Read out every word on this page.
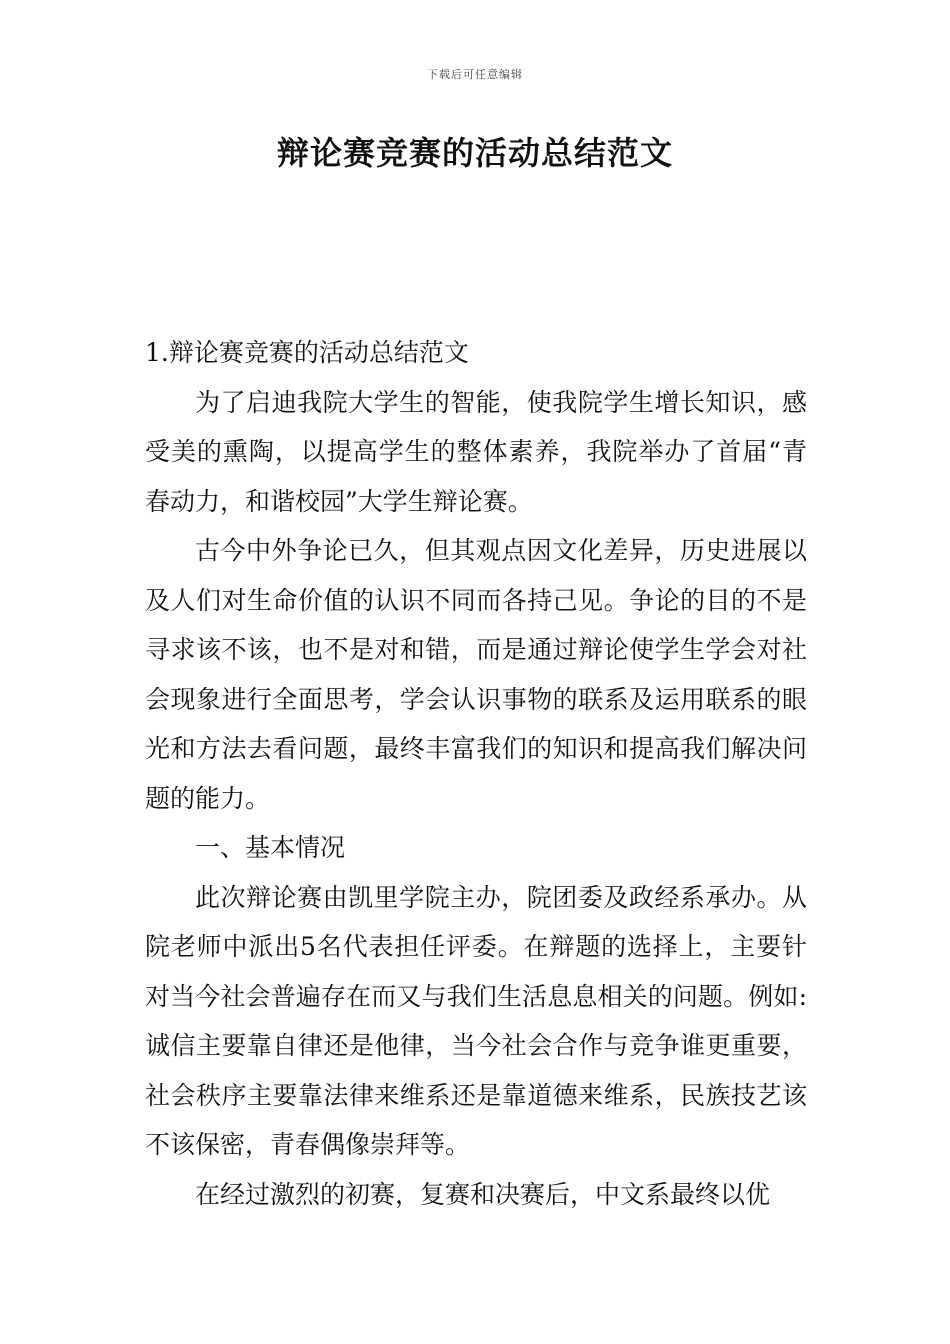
下载后可任意编辑
辩论赛竞赛的活动总结范文

1.辩论赛竞赛的活动总结范文

为了启迪我院大学生的智能，使我院学生增长知识，感受美的熏陶，以提高学生的整体素养，我院举办了首届“青春动力，和谐校园”大学生辩论赛。

古今中外争论已久，但其观点因文化差异，历史进展以及人们对生命价值的认识不同而各持己见。争论的目的不是寻求该不该，也不是对和错，而是通过辩论使学生学会对社会现象进行全面思考，学会认识事物的联系及运用联系的眼光和方法去看问题，最终丰富我们的知识和提高我们解决问题的能力。

一、基本情况

此次辩论赛由凯里学院主办，院团委及政经系承办。从院老师中派出5名代表担任评委。在辩题的选择上，主要针对当今社会普遍存在而又与我们生活息息相关的问题。例如:诚信主要靠自律还是他律，当今社会合作与竞争谁更重要，社会秩序主要靠法律来维系还是靠道德来维系，民族技艺该不该保密，青春偶像崇拜等。

在经过激烈的初赛，复赛和决赛后，中文系最终以优
